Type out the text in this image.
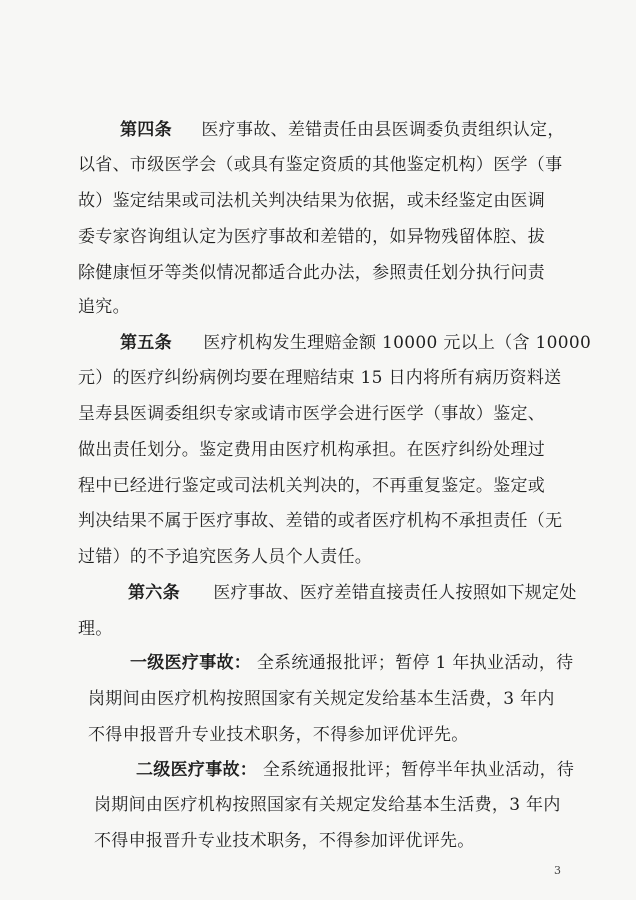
第四条 医疗事故、差错责任由县医调委负责组织认定，
以省、市级医学会（或具有鉴定资质的其他鉴定机构）医学（事
故）鉴定结果或司法机关判决结果为依据，或未经鉴定由医调
委专家咨询组认定为医疗事故和差错的，如异物残留体腔、拔
除健康恒牙等类似情况都适合此办法，参照责任划分执行问责
追究。
第五条 医疗机构发生理赔金额 10000 元以上（含 10000
元）的医疗纠纷病例均要在理赔结束 15 日内将所有病历资料送
呈寿县医调委组织专家或请市医学会进行医学（事故）鉴定、
做出责任划分。鉴定费用由医疗机构承担。在医疗纠纷处理过
程中已经进行鉴定或司法机关判决的，不再重复鉴定。鉴定或
判决结果不属于医疗事故、差错的或者医疗机构不承担责任（无
过错）的不予追究医务人员个人责任。
第六条 医疗事故、医疗差错直接责任人按照如下规定处
理。
一级医疗事故： 全系统通报批评；暂停 1 年执业活动，待
岗期间由医疗机构按照国家有关规定发给基本生活费，3 年内
不得申报晋升专业技术职务，不得参加评优评先。
二级医疗事故： 全系统通报批评；暂停半年执业活动，待
岗期间由医疗机构按照国家有关规定发给基本生活费，3 年内
不得申报晋升专业技术职务，不得参加评优评先。
3
